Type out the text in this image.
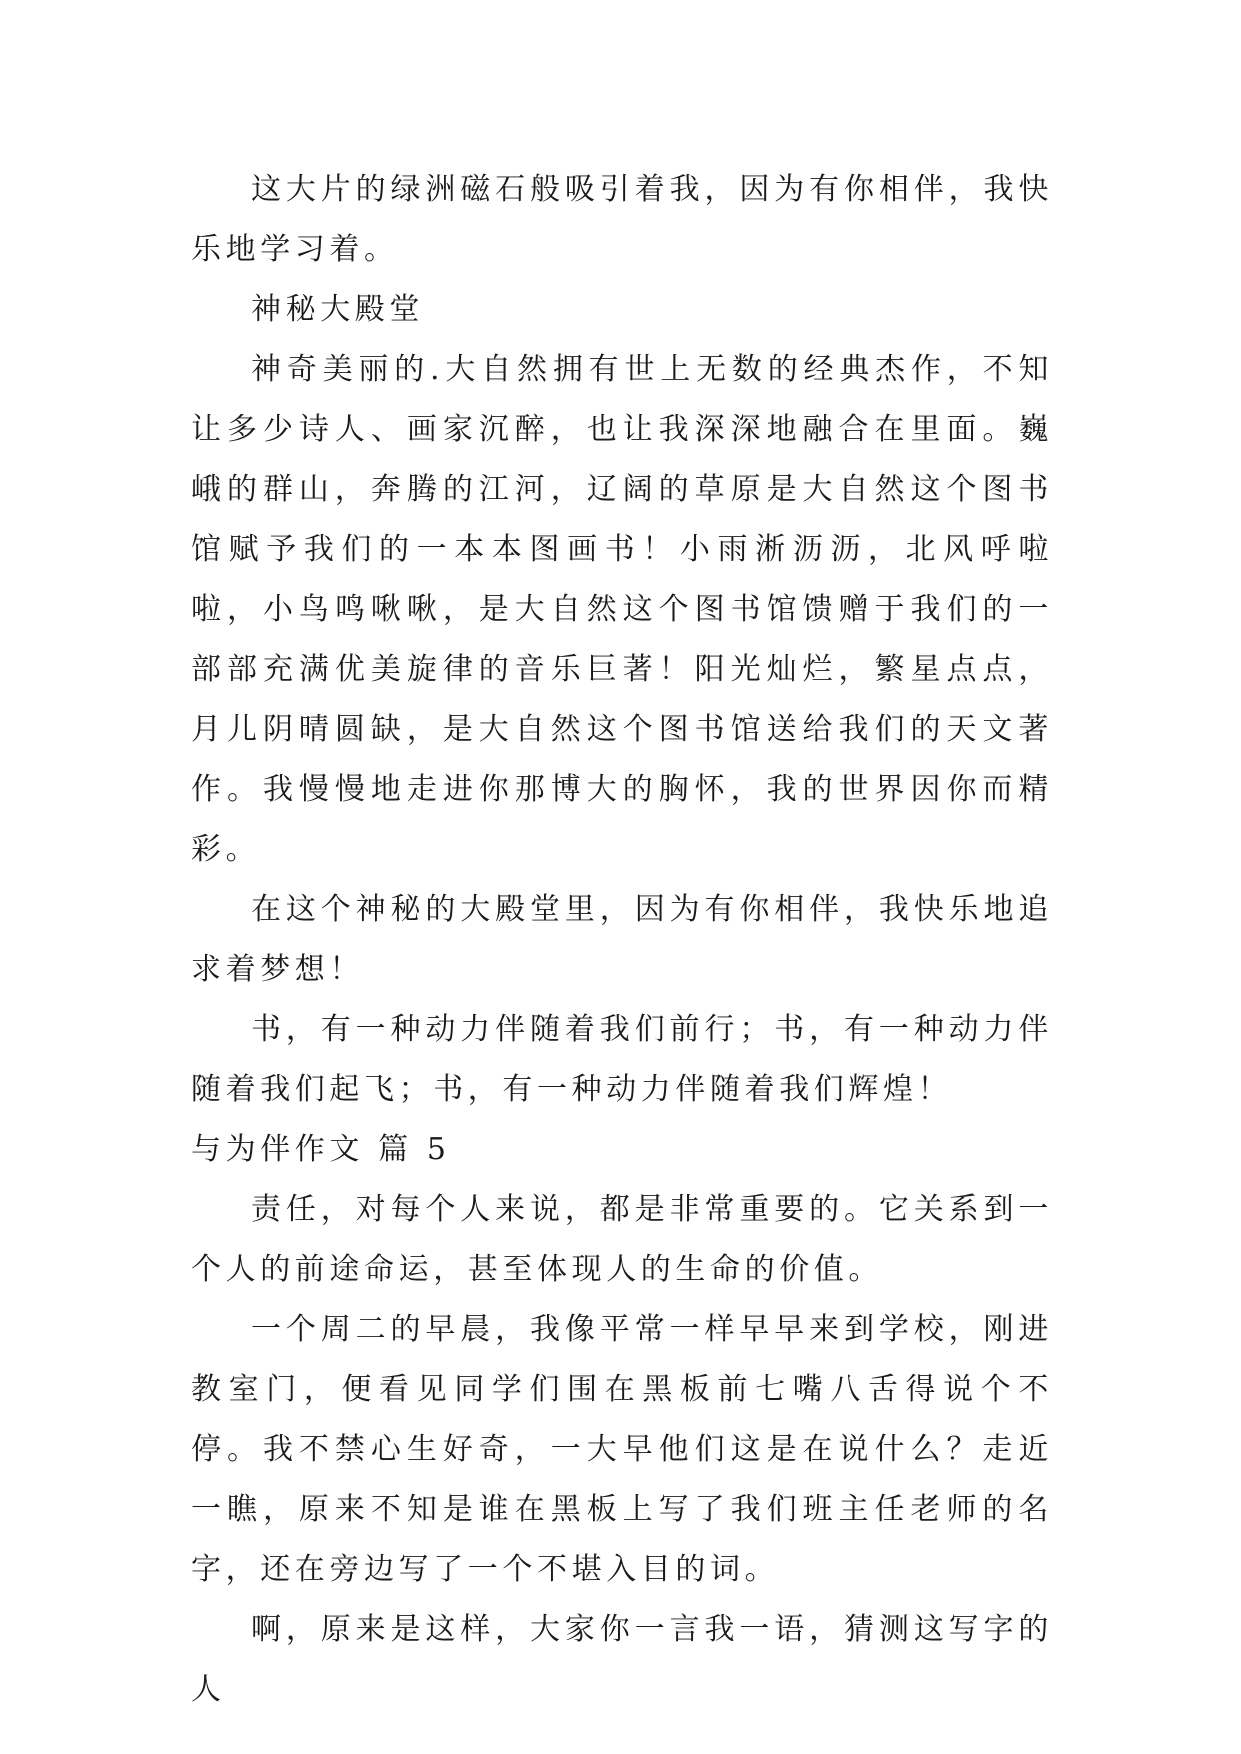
这大片的绿洲磁石般吸引着我，因为有你相伴，我快乐地学习着。

神秘大殿堂

神奇美丽的.大自然拥有世上无数的经典杰作，不知让多少诗人、画家沉醉，也让我深深地融合在里面。巍峨的群山，奔腾的江河，辽阔的草原是大自然这个图书馆赋予我们的一本本图画书！小雨淅沥沥，北风呼啦啦，小鸟鸣啾啾，是大自然这个图书馆馈赠于我们的一部部充满优美旋律的音乐巨著！阳光灿烂，繁星点点，月儿阴晴圆缺，是大自然这个图书馆送给我们的天文著作。我慢慢地走进你那博大的胸怀，我的世界因你而精彩。

在这个神秘的大殿堂里，因为有你相伴，我快乐地追求着梦想！

书，有一种动力伴随着我们前行；书，有一种动力伴随着我们起飞；书，有一种动力伴随着我们辉煌！

与为伴作文 篇 5

责任，对每个人来说，都是非常重要的。它关系到一个人的前途命运，甚至体现人的生命的价值。

一个周二的早晨，我像平常一样早早来到学校，刚进教室门，便看见同学们围在黑板前七嘴八舌得说个不停。我不禁心生好奇，一大早他们这是在说什么？走近一瞧，原来不知是谁在黑板上写了我们班主任老师的名字，还在旁边写了一个不堪入目的词。

啊，原来是这样，大家你一言我一语，猜测这写字的人
